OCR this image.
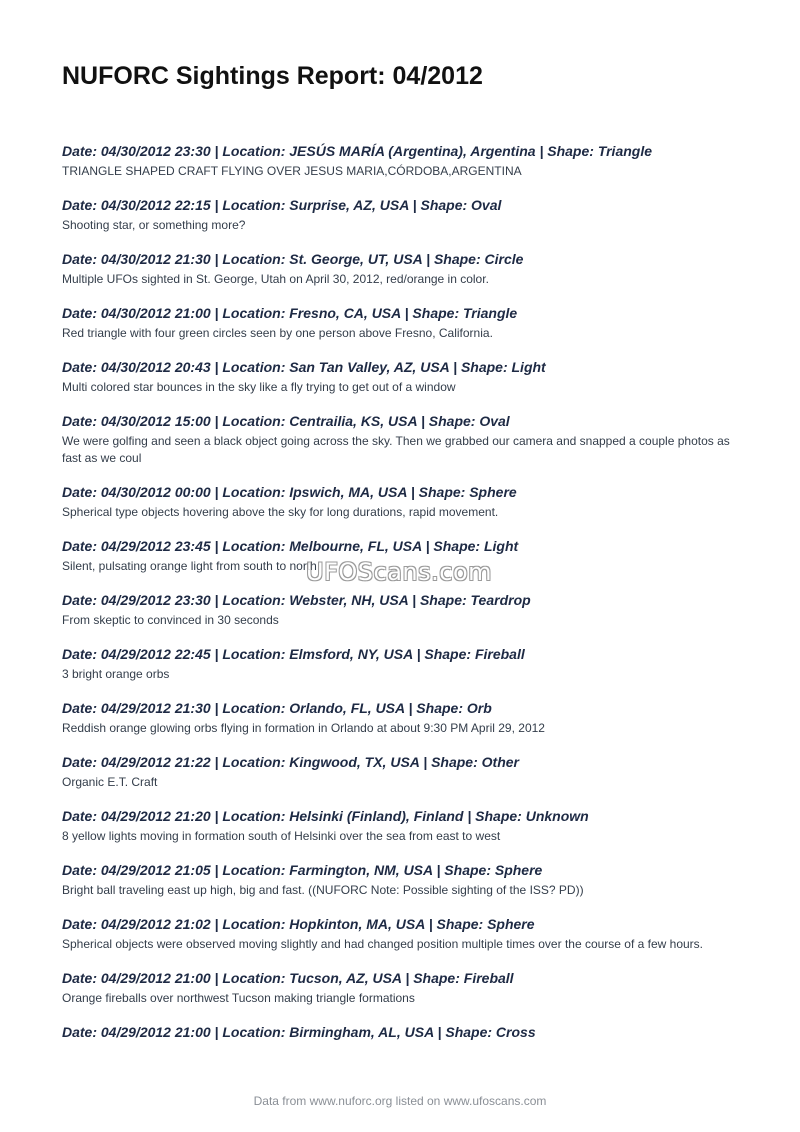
NUFORC Sightings Report: 04/2012
Date: 04/30/2012 23:30 | Location: JESÚS MARÍA (Argentina), Argentina | Shape: Triangle
TRIANGLE SHAPED CRAFT FLYING OVER JESUS MARIA,CÓRDOBA,ARGENTINA
Date: 04/30/2012 22:15 | Location: Surprise, AZ, USA | Shape: Oval
Shooting star, or something more?
Date: 04/30/2012 21:30 | Location: St. George, UT, USA | Shape: Circle
Multiple UFOs sighted in St. George, Utah on April 30, 2012, red/orange in color.
Date: 04/30/2012 21:00 | Location: Fresno, CA, USA | Shape: Triangle
Red triangle with four green circles seen by one person above Fresno, California.
Date: 04/30/2012 20:43 | Location: San Tan Valley, AZ, USA | Shape: Light
Multi colored star bounces in the sky like a fly trying to get out of a window
Date: 04/30/2012 15:00 | Location: Centrailia, KS, USA | Shape: Oval
We were golfing and seen a black object going across the sky. Then we grabbed our camera and snapped a couple photos as fast as we coul
Date: 04/30/2012 00:00 | Location: Ipswich, MA, USA | Shape: Sphere
Spherical type objects hovering above the sky for long durations, rapid movement.
Date: 04/29/2012 23:45 | Location: Melbourne, FL, USA | Shape: Light
Silent, pulsating orange light from south to north
Date: 04/29/2012 23:30 | Location: Webster, NH, USA | Shape: Teardrop
From skeptic to convinced in 30 seconds
Date: 04/29/2012 22:45 | Location: Elmsford, NY, USA | Shape: Fireball
3 bright orange orbs
Date: 04/29/2012 21:30 | Location: Orlando, FL, USA | Shape: Orb
Reddish orange glowing orbs flying in formation in Orlando at about 9:30 PM April 29, 2012
Date: 04/29/2012 21:22 | Location: Kingwood, TX, USA | Shape: Other
Organic E.T. Craft
Date: 04/29/2012 21:20 | Location: Helsinki (Finland), Finland | Shape: Unknown
8 yellow lights moving in formation south of Helsinki over the sea from east to west
Date: 04/29/2012 21:05 | Location: Farmington, NM, USA | Shape: Sphere
Bright ball traveling east up high, big and fast. ((NUFORC Note: Possible sighting of the ISS? PD))
Date: 04/29/2012 21:02 | Location: Hopkinton, MA, USA | Shape: Sphere
Spherical objects were observed moving slightly and had changed position multiple times over the course of a few hours.
Date: 04/29/2012 21:00 | Location: Tucson, AZ, USA | Shape: Fireball
Orange fireballs over northwest Tucson making triangle formations
Date: 04/29/2012 21:00 | Location: Birmingham, AL, USA | Shape: Cross
UFOScans.com
Data from www.nuforc.org listed on www.ufoscans.com
